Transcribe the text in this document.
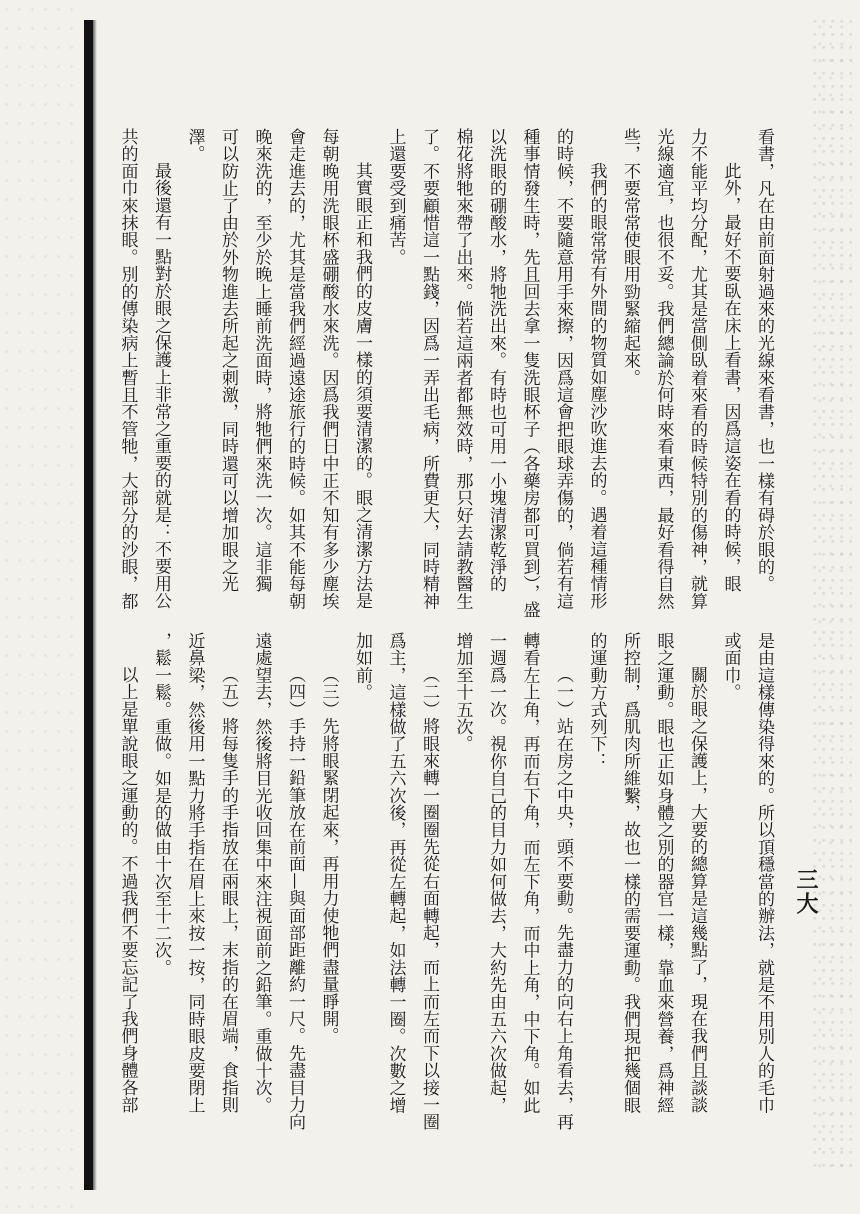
三大
看書，凡在由前面射過來的光線來看書，也一樣有碍於眼的。
此外，最好不要臥在床上看書，因爲這姿在看的時候，眼
力不能平均分配，尤其是當側臥着來看的時候特別的傷神，就算
光線適宜，也很不妥。我們總論於何時來看東西，最好看得自然
些，不要常常使眼用勁緊縮起來。
我們的眼常常有外間的物質如塵沙吹進去的。遇着這種情形
的時候，不要隨意用手來擦，因爲這會把眼球弄傷的，倘若有這
種事情發生時，先且回去拿一隻洗眼杯子（各藥房都可買到），盛
以洗眼的硼酸水，將牠洗出來。有時也可用一小塊清潔乾淨的
棉花將牠來帶了出來。倘若這兩者都無效時，那只好去請教醫生
了。不要顧惜這一點錢，因爲一弄出毛病，所費更大，同時精神
上還要受到痛苦。
其實眼正和我們的皮膚一樣的須要清潔的。眼之清潔方法是
每朝晚用洗眼杯盛硼酸水來洗。因爲我們日中正不知有多少塵埃
會走進去的，尤其是當我們經過遠途旅行的時候。如其不能每朝
晚來洗的，至少於晚上睡前洗面時，將牠們來洗一次。這非獨
可以防止了由於外物進去所起之刺激，同時還可以增加眼之光
澤。
最後還有一點對於眼之保護上非常之重要的就是：不要用公
共的面巾來抹眼。別的傳染病上暫且不管牠，大部分的沙眼，都
是由這樣傳染得來的。所以頂穩當的辦法，就是不用別人的毛巾
或面巾。
關於眼之保護上，大要的總算是這幾點了，現在我們且談談
眼之運動。眼也正如身體之別的器官一樣，靠血來營養，爲神經
所控制，爲肌肉所維繫，故也一樣的需要運動。我們現把幾個眼
的運動方式列下：
（一）站在房之中央，頭不要動。先盡力的向右上角看去，再
轉看左上角，再而右下角，而左下角，而中上角，中下角。如此
一週爲一次。視你自己的目力如何做去，大約先由五六次做起，
增加至十五次。
（二）將眼來轉一圈圈先從右面轉起，而上而左而下以接一圈
爲主，這樣做了五六次後，再從左轉起，如法轉一圈。次數之增
加如前。
（三）先將眼緊閉起來，再用力使牠們盡量睜開。
（四）手持一鉛筆放在前面—與面部距離約一尺。先盡目力向
遠處望去，然後將目光收回集中來注視面前之鉛筆。重做十次。
（五）將每隻手的手指放在兩眼上，末指的在眉端，食指則
近鼻梁，然後用一點力將手指在眉上來按一按，同時眼皮要閉上
，鬆一鬆。重做。如是的做由十次至十二次。
以上是單說眼之運動的。不過我們不要忘記了我們身體各部
